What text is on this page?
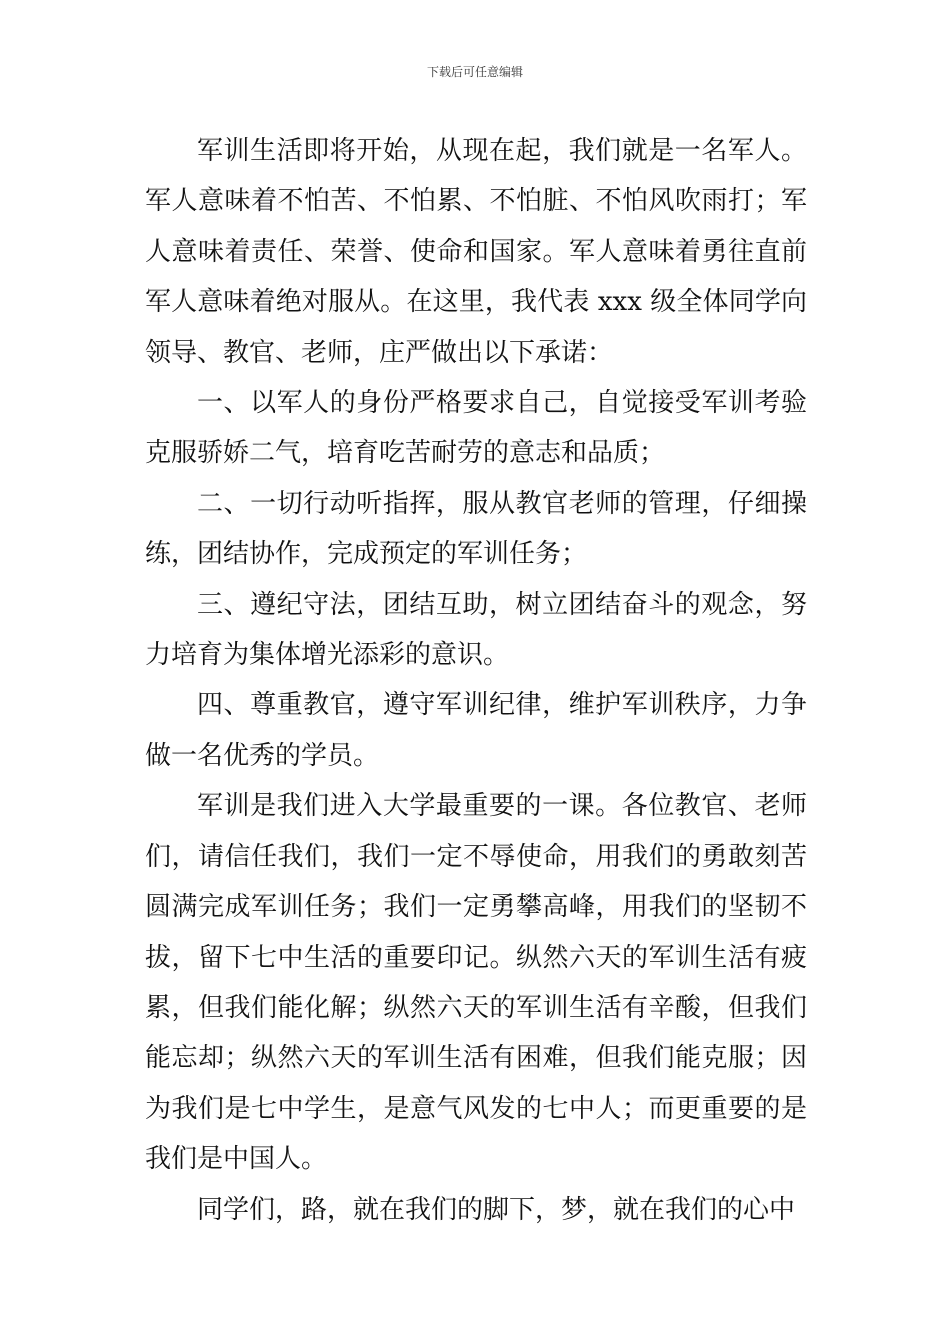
下载后可任意编辑

军训生活即将开始，从现在起，我们就是一名军人。军人意味着不怕苦、不怕累、不怕脏、不怕风吹雨打；军人意味着责任、荣誉、使命和国家。军人意味着勇往直前军人意味着绝对服从。在这里，我代表 xxx 级全体同学向领导、教官、老师，庄严做出以下承诺：

一、以军人的身份严格要求自己，自觉接受军训考验克服骄娇二气，培育吃苦耐劳的意志和品质；

二、一切行动听指挥，服从教官老师的管理，仔细操练，团结协作，完成预定的军训任务；

三、遵纪守法，团结互助，树立团结奋斗的观念，努力培育为集体增光添彩的意识。

四、尊重教官，遵守军训纪律，维护军训秩序，力争做一名优秀的学员。

军训是我们进入大学最重要的一课。各位教官、老师们，请信任我们，我们一定不辱使命，用我们的勇敢刻苦圆满完成军训任务；我们一定勇攀高峰，用我们的坚韧不拔，留下七中生活的重要印记。纵然六天的军训生活有疲累，但我们能化解；纵然六天的军训生活有辛酸，但我们能忘却；纵然六天的军训生活有困难，但我们能克服；因为我们是七中学生，是意气风发的七中人；而更重要的是我们是中国人。

同学们，路，就在我们的脚下，梦，就在我们的心中
